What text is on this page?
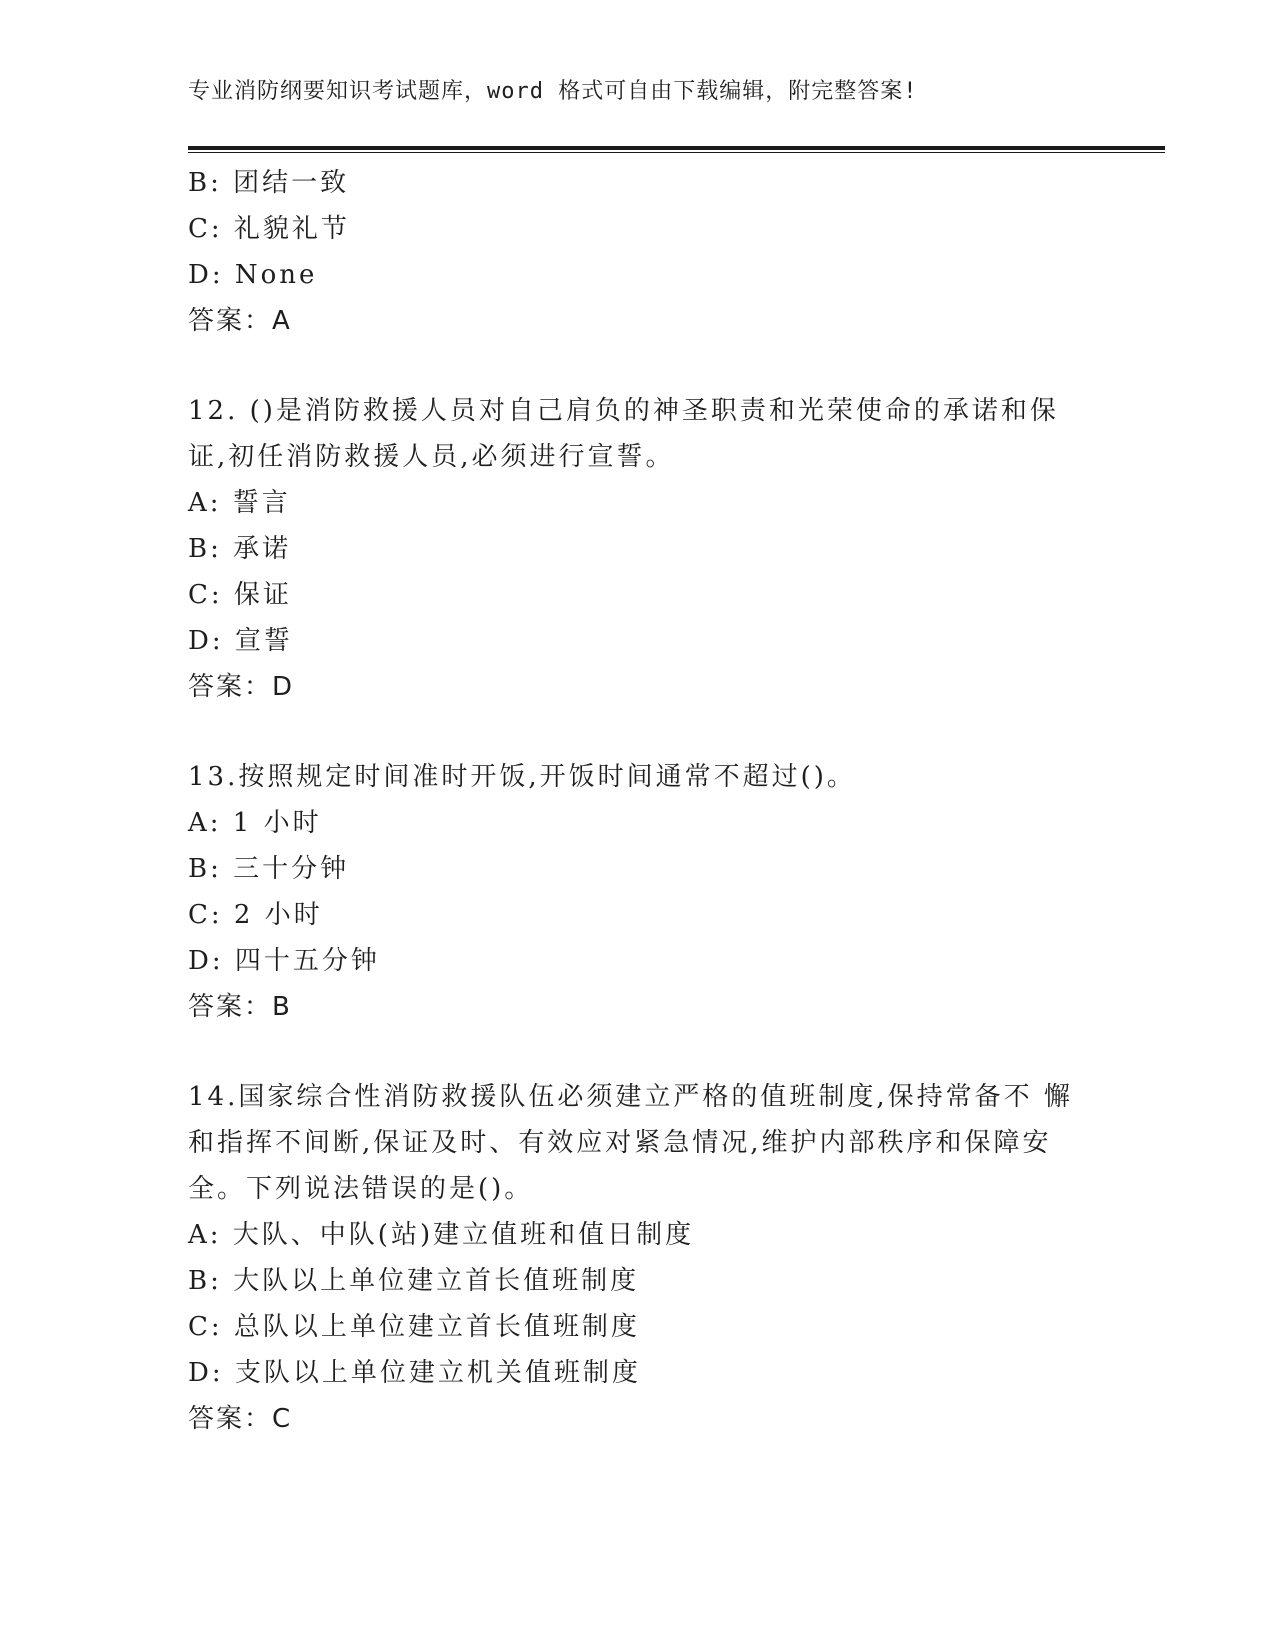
专业消防纲要知识考试题库，word 格式可自由下载编辑，附完整答案!
B: 团结一致
C: 礼貌礼节
D: None
答案：A
12. ()是消防救援人员对自己肩负的神圣职责和光荣使命的承诺和保
证,初任消防救援人员,必须进行宣誓。
A: 誓言
B: 承诺
C: 保证
D: 宣誓
答案：D
13.按照规定时间准时开饭,开饭时间通常不超过()。
A: 1 小时
B: 三十分钟
C: 2 小时
D: 四十五分钟
答案：B
14.国家综合性消防救援队伍必须建立严格的值班制度,保持常备不 懈
和指挥不间断,保证及时、有效应对紧急情况,维护内部秩序和保障安
全。下列说法错误的是()。
A: 大队、中队(站)建立值班和值日制度
B: 大队以上单位建立首长值班制度
C: 总队以上单位建立首长值班制度
D: 支队以上单位建立机关值班制度
答案：C
